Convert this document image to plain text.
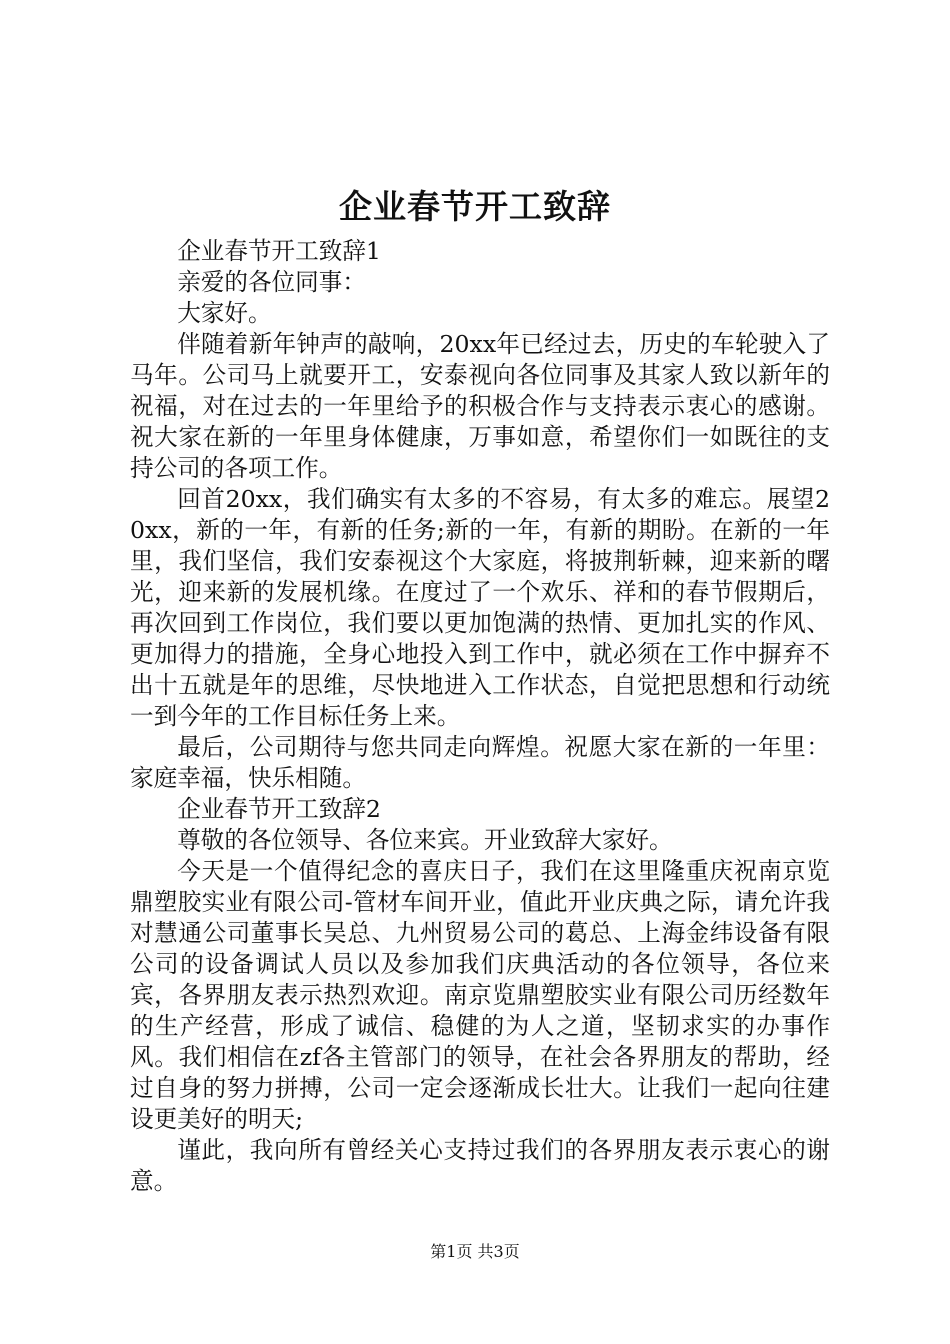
企业春节开工致辞

企业春节开工致辞1

亲爱的各位同事：

大家好。

伴随着新年钟声的敲响，20xx年已经过去，历史的车轮驶入了马年。公司马上就要开工，安泰视向各位同事及其家人致以新年的祝福，对在过去的一年里给予的积极合作与支持表示衷心的感谢。祝大家在新的一年里身体健康，万事如意，希望你们一如既往的支持公司的各项工作。

回首20xx，我们确实有太多的不容易，有太多的难忘。展望20xx，新的一年，有新的任务;新的一年，有新的期盼。在新的一年里，我们坚信，我们安泰视这个大家庭，将披荆斩棘，迎来新的曙光，迎来新的发展机缘。在度过了一个欢乐、祥和的春节假期后，再次回到工作岗位，我们要以更加饱满的热情、更加扎实的作风、更加得力的措施，全身心地投入到工作中，就必须在工作中摒弃不出十五就是年的思维，尽快地进入工作状态，自觉把思想和行动统一到今年的工作目标任务上来。

最后，公司期待与您共同走向辉煌。祝愿大家在新的一年里：家庭幸福，快乐相随。

企业春节开工致辞2

尊敬的各位领导、各位来宾。开业致辞大家好。

今天是一个值得纪念的喜庆日子，我们在这里隆重庆祝南京览鼎塑胶实业有限公司-管材车间开业，值此开业庆典之际，请允许我对慧通公司董事长吴总、九州贸易公司的葛总、上海金纬设备有限公司的设备调试人员以及参加我们庆典活动的各位领导，各位来宾，各界朋友表示热烈欢迎。南京览鼎塑胶实业有限公司历经数年的生产经营，形成了诚信、稳健的为人之道，坚韧求实的办事作风。我们相信在zf各主管部门的领导，在社会各界朋友的帮助，经过自身的努力拼搏，公司一定会逐渐成长壮大。让我们一起向往建设更美好的明天;

谨此，我向所有曾经关心支持过我们的各界朋友表示衷心的谢意。

第1页 共3页
